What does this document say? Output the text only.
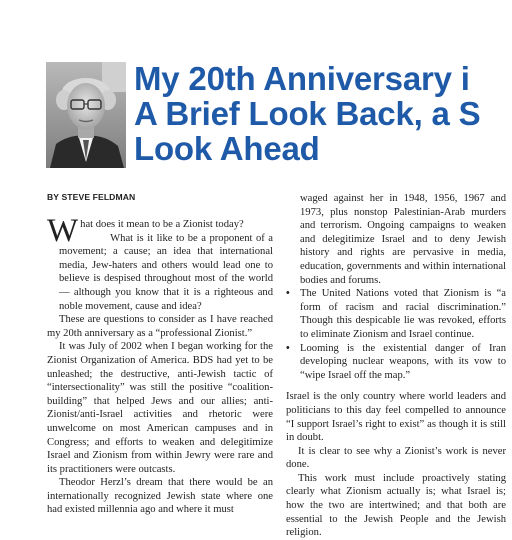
My 20th Anniversary i
A Brief Look Back, a S
Look Ahead
BY STEVE FELDMAN

What does it mean to be a Zionist today?
What is it like to be a proponent of a movement; a cause; an idea that international media, Jew-haters and others would lead one to believe is despised throughout most of the world — although you know that it is a righteous and noble movement, cause and idea?

These are questions to consider as I have reached my 20th anniversary as a “professional Zionist.”

It was July of 2002 when I began working for the Zionist Organization of America. BDS had yet to be unleashed; the destructive, anti-Jewish tactic of “intersectionality” was still the positive “coalition-building” that helped Jews and our allies; anti-Zionist/anti-Israel activities and rhetoric were unwelcome on most American campuses and in Congress; and efforts to weaken and delegitimize Israel and Zionism from within Jewry were rare and its practitioners were outcasts.

Theodor Herzl’s dream that there would be an internationally recognized Jewish state where one had existed millennia ago and where it must

waged against her in 1948, 1956, 1967 and 1973, plus nonstop Palestinian-Arab murders and terrorism. Ongoing campaigns to weaken and delegitimize Israel and to deny Jewish history and rights are pervasive in media, education, governments and within international bodies and forums.
• The United Nations voted that Zionism is “a form of racism and racial discrimination.” Though this despicable lie was revoked, efforts to eliminate Zionism and Israel continue.
• Looming is the existential danger of Iran developing nuclear weapons, with its vow to “wipe Israel off the map.”

Israel is the only country where world leaders and politicians to this day feel compelled to announce “I support Israel’s right to exist” as though it is still in doubt.

It is clear to see why a Zionist’s work is never done.

This work must include proactively stating clearly what Zionism actually is; what Israel is; how the two are intertwined; and that both are essential to the Jewish People and the Jewish religion.
